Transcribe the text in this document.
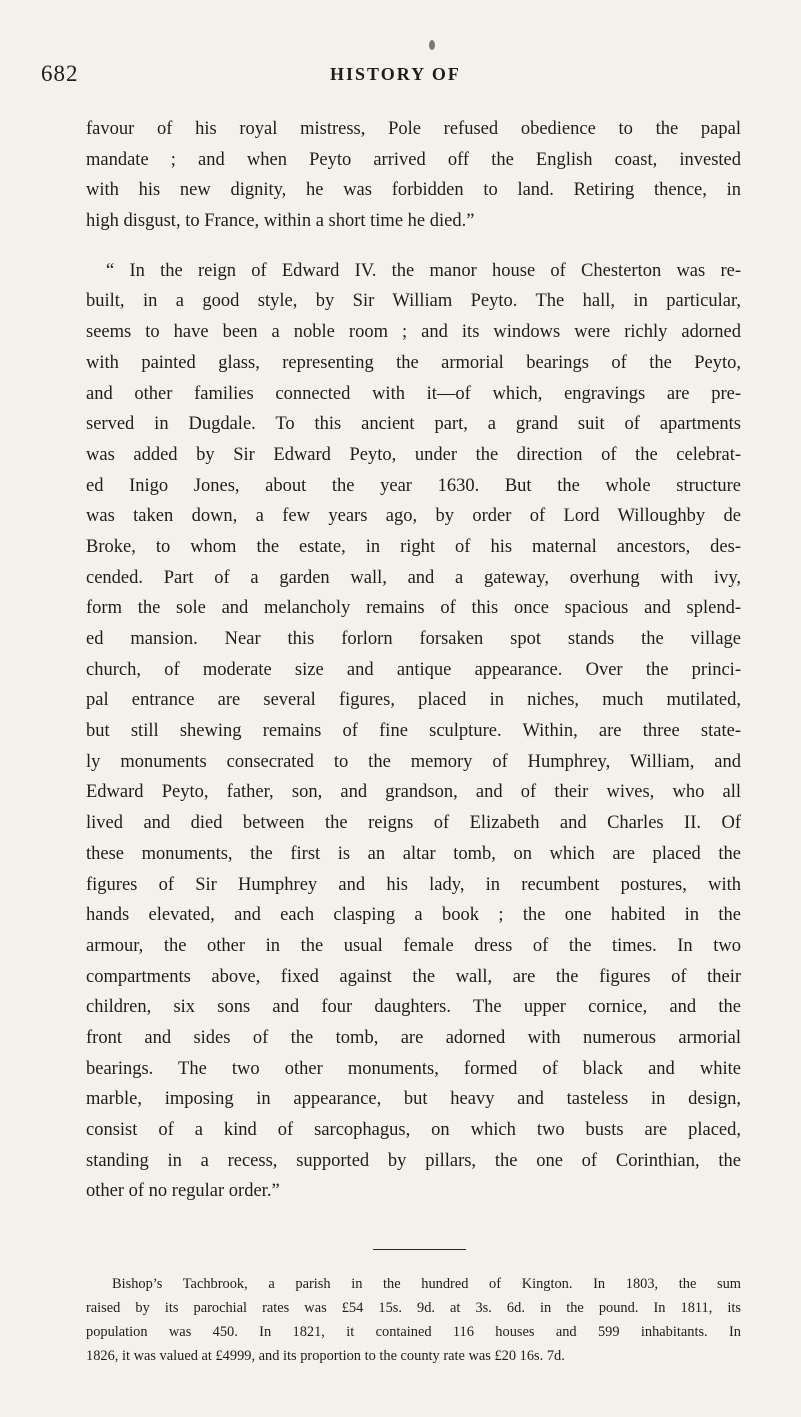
682	HISTORY OF
favour of his royal mistress, Pole refused obedience to the papal
mandate ; and when Peyto arrived off the English coast, invested
with his new dignity, he was forbidden to land. Retiring thence, in
high disgust, to France, within a short time he died.”
“ In the reign of Edward IV. the manor house of Chesterton was re-
built, in a good style, by Sir William Peyto. The hall, in particular,
seems to have been a noble room ; and its windows were richly adorned
with painted glass, representing the armorial bearings of the Peyto,
and other families connected with it—of which, engravings are pre-
served in Dugdale. To this ancient part, a grand suit of apartments
was added by Sir Edward Peyto, under the direction of the celebrat-
ed Inigo Jones, about the year 1630. But the whole structure
was taken down, a few years ago, by order of Lord Willoughby de
Broke, to whom the estate, in right of his maternal ancestors, des-
cended. Part of a garden wall, and a gateway, overhung with ivy,
form the sole and melancholy remains of this once spacious and splend-
ed mansion. Near this forlorn forsaken spot stands the village
church, of moderate size and antique appearance. Over the princi-
pal entrance are several figures, placed in niches, much mutilated,
but still shewing remains of fine sculpture. Within, are three state-
ly monuments consecrated to the memory of Humphrey, William, and
Edward Peyto, father, son, and grandson, and of their wives, who all
lived and died between the reigns of Elizabeth and Charles II. Of
these monuments, the first is an altar tomb, on which are placed the
figures of Sir Humphrey and his lady, in recumbent postures, with
hands elevated, and each clasping a book ; the one habited in the
armour, the other in the usual female dress of the times. In two
compartments above, fixed against the wall, are the figures of their
children, six sons and four daughters. The upper cornice, and the
front and sides of the tomb, are adorned with numerous armorial
bearings. The two other monuments, formed of black and white
marble, imposing in appearance, but heavy and tasteless in design,
consist of a kind of sarcophagus, on which two busts are placed,
standing in a recess, supported by pillars, the one of Corinthian, the
other of no regular order.”
Bishop’s Tachbrook, a parish in the hundred of Kington. In 1803, the sum
raised by its parochial rates was £54 15s. 9d. at 3s. 6d. in the pound. In 1811, its
population was 450. In 1821, it contained 116 houses and 599 inhabitants. In
1826, it was valued at £4999, and its proportion to the county rate was £20 16s. 7d.
